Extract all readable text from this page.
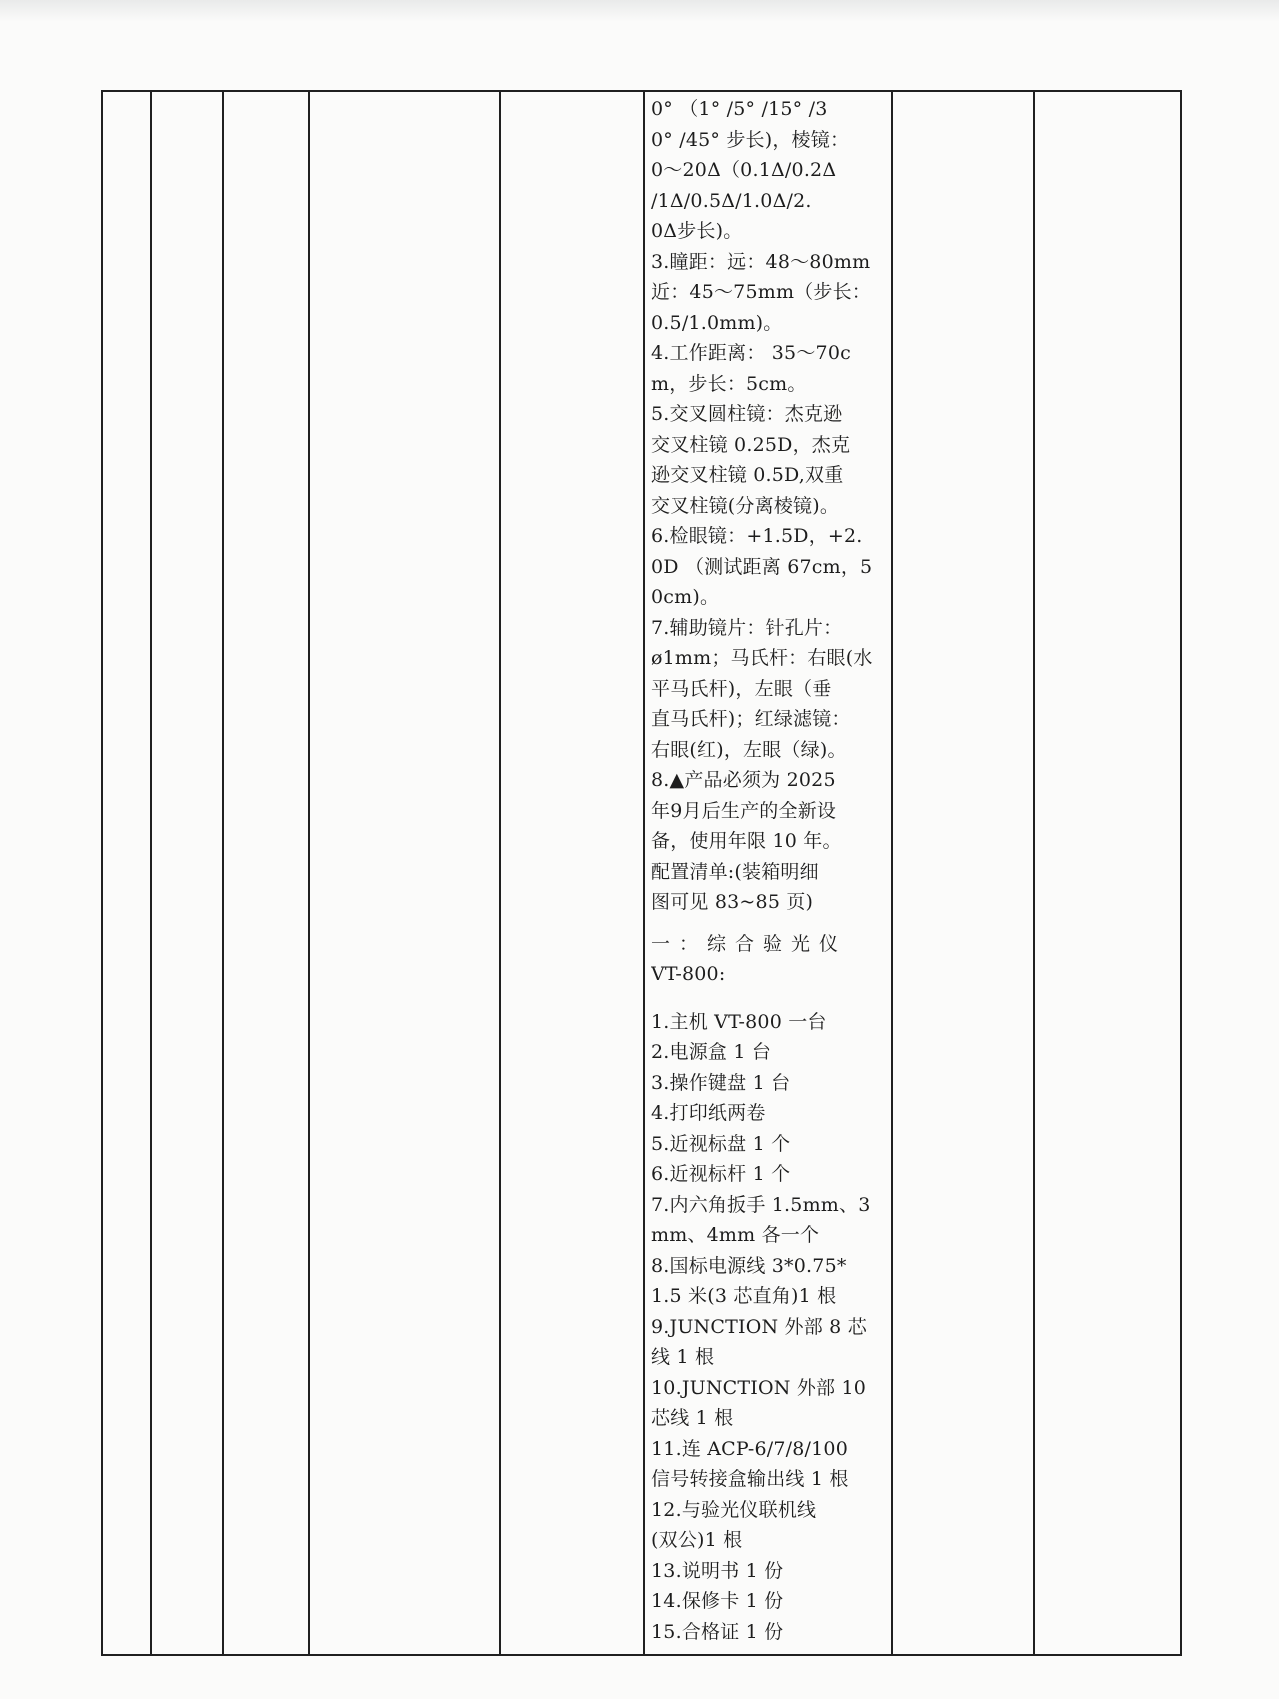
0° （1° /5° /15° /3
0° /45° 步长)，棱镜：
0～20Δ（0.1Δ/0.2Δ
/1Δ/0.5Δ/1.0Δ/2.
0Δ步长)。
3.瞳距：远：48～80mm
近：45～75mm（步长：
0.5/1.0mm)。
4.工作距离： 35～70c
m，步长：5cm。
5.交叉圆柱镜：杰克逊
交叉柱镜 0.25D，杰克
逊交叉柱镜 0.5D,双重
交叉柱镜(分离棱镜)。
6.检眼镜：+1.5D，+2.
0D （测试距离 67cm，5
0cm)。
7.辅助镜片：针孔片：
ø1mm；马氏杆：右眼(水
平马氏杆)，左眼（垂
直马氏杆)；红绿滤镜：
右眼(红)，左眼（绿)。
8.▲产品必须为 2025
年9月后生产的全新设
备，使用年限 10 年。
配置清单:(装箱明细
图可见 83~85 页)
一：综合验光仪
VT-800:
1.主机 VT-800 一台
2.电源盒 1 台
3.操作键盘 1 台
4.打印纸两卷
5.近视标盘 1 个
6.近视标杆 1 个
7.内六角扳手 1.5mm、3
mm、4mm 各一个
8.国标电源线 3*0.75*
1.5 米(3 芯直角)1 根
9.JUNCTION 外部 8 芯
线 1 根
10.JUNCTION 外部 10
芯线 1 根
11.连 ACP-6/7/8/100
信号转接盒输出线 1 根
12.与验光仪联机线
(双公)1 根
13.说明书 1 份
14.保修卡 1 份
15.合格证 1 份
